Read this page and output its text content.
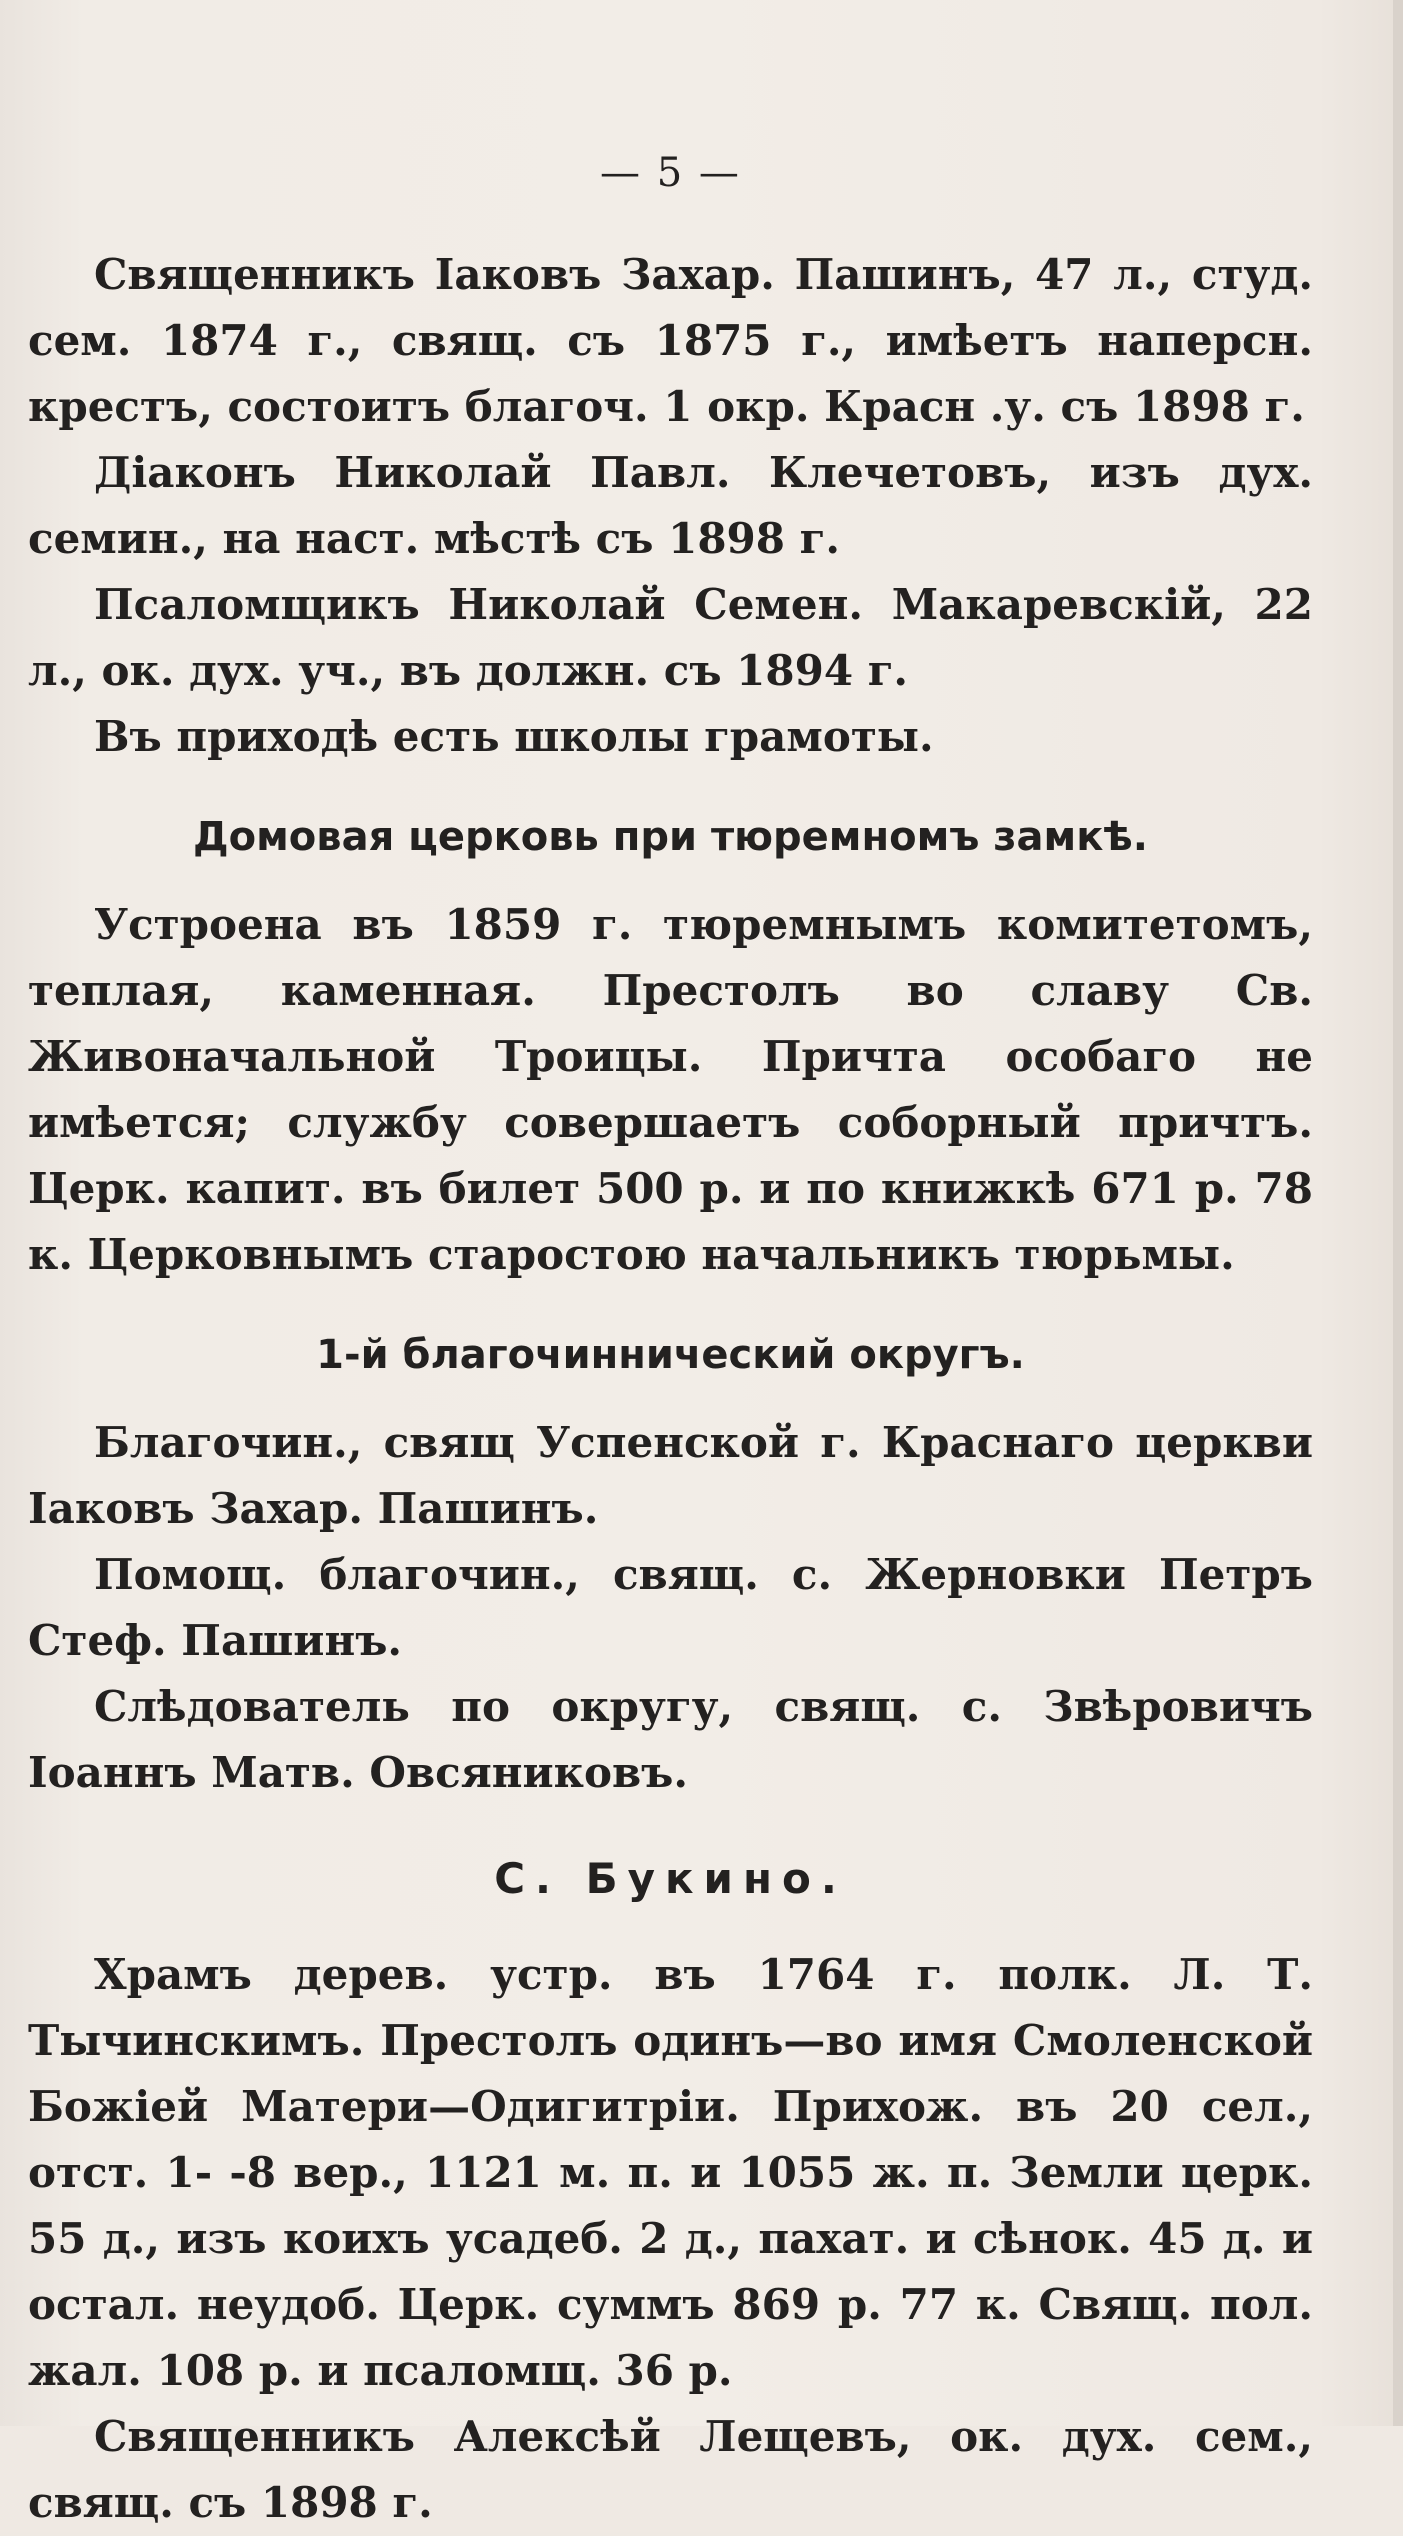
— 5 —

Священникъ Іаковъ Захар. Пашинъ, 47 л., студ. сем. 1874 г., свящ. съ 1875 г., имѣетъ наперсн. крестъ, состоитъ благоч. 1 окр. Красн .у. съ 1898 г.

Діаконъ Николай Павл. Клечетовъ, изъ дух. семин., на наст. мѣстѣ съ 1898 г.

Псаломщикъ Николай Семен. Макаревскій, 22 л., ок. дух. уч., въ должн. съ 1894 г.

Въ приходѣ есть школы грамоты.

Домовая церковь при тюремномъ замкѣ.

Устроена въ 1859 г. тюремнымъ комитетомъ, теплая, каменная. Престолъ во славу Св. Живоначальной Троицы. Причта особаго не имѣется; службу совершаетъ соборный причтъ. Церк. капит. въ билет 500 р. и по книжкѣ 671 р. 78 к. Церковнымъ старостою начальникъ тюрьмы.

1-й благочиннический округъ.

Благочин., свящ Успенской г. Краснаго церкви Іаковъ Захар. Пашинъ.

Помощ. благочин., свящ. с. Жерновки Петръ Стеф. Пашинъ.

Слѣдователь по округу, свящ. с. Звѣровичъ Іоаннъ Матв. Овсяниковъ.

С. Букино.

Храмъ дерев. устр. въ 1764 г. полк. Л. Т. Тычинскимъ. Престолъ одинъ—во имя Смоленской Божіей Матери—Одигитріи. Прихож. въ 20 сел., отст. 1- -8 вер., 1121 м. п. и 1055 ж. п. Земли церк. 55 д., изъ коихъ усадеб. 2 д., пахат. и сѣнок. 45 д. и остал. неудоб. Церк. суммъ 869 р. 77 к. Свящ. пол. жал. 108 р. и псаломщ. 36 р.

Священникъ Алексѣй Лещевъ, ок. дух. сем., свящ. съ 1898 г.
